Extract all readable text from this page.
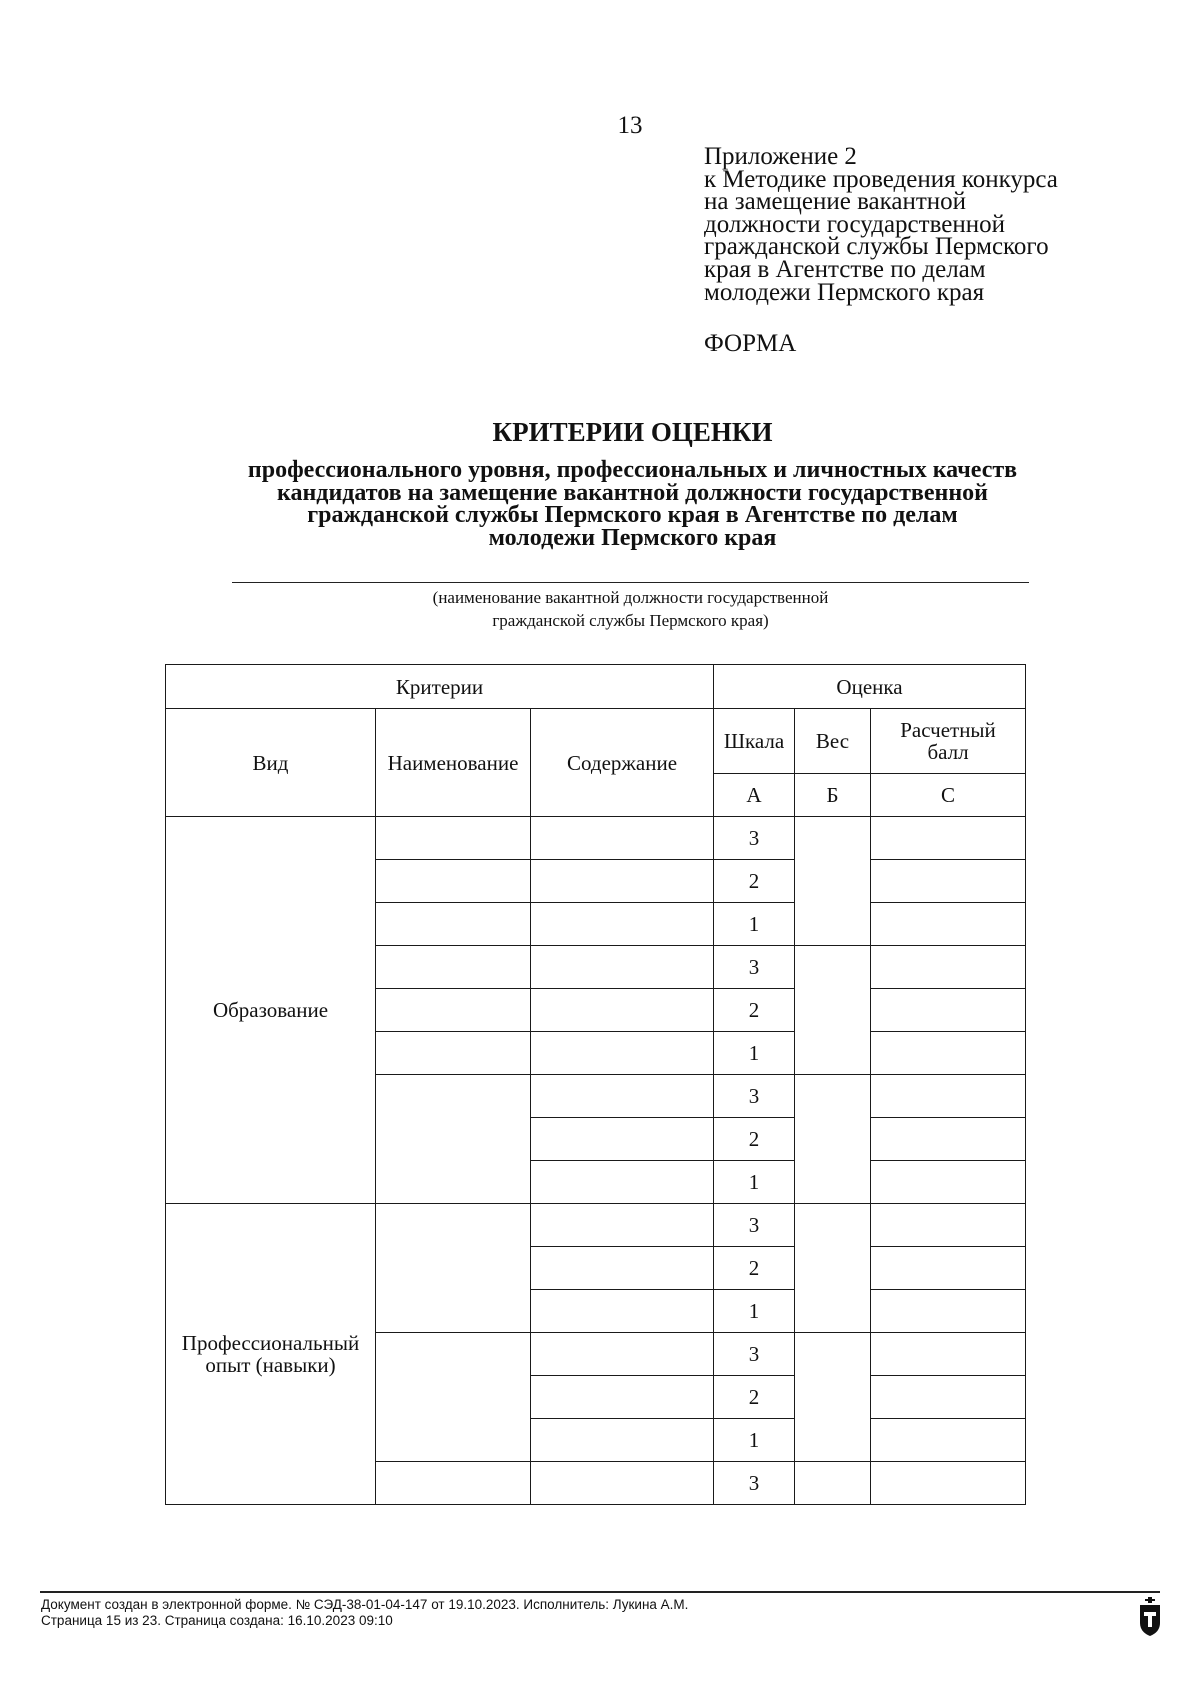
13
Приложение 2
к Методике проведения конкурса
на замещение вакантной
должности государственной
гражданской службы Пермского
края в Агентстве по делам
молодежи Пермского края
ФОРМА
КРИТЕРИИ ОЦЕНКИ
профессионального уровня, профессиональных и личностных качеств
кандидатов на замещение вакантной должности государственной
гражданской службы Пермского края в Агентстве по делам
молодежи Пермского края
(наименование вакантной должности государственной
гражданской службы Пермского края)
Критерии			Оценка		
Вид	Наименование	Содержание	Шкала	Вес	Расчетный
балл

			А	Б	С

Образование			3		
			2		
			1		
			3		
			2		
			1		
			3		
			2		
			1		

Профессиональный
опыт (навыки)			3		
			2		
			1		
			3		
			2		
			1		
			3		
Документ создан в электронной форме. № СЭД-38-01-04-147 от 19.10.2023. Исполнитель: Лукина А.М.
Страница 15 из 23. Страница создана: 16.10.2023 09:10
